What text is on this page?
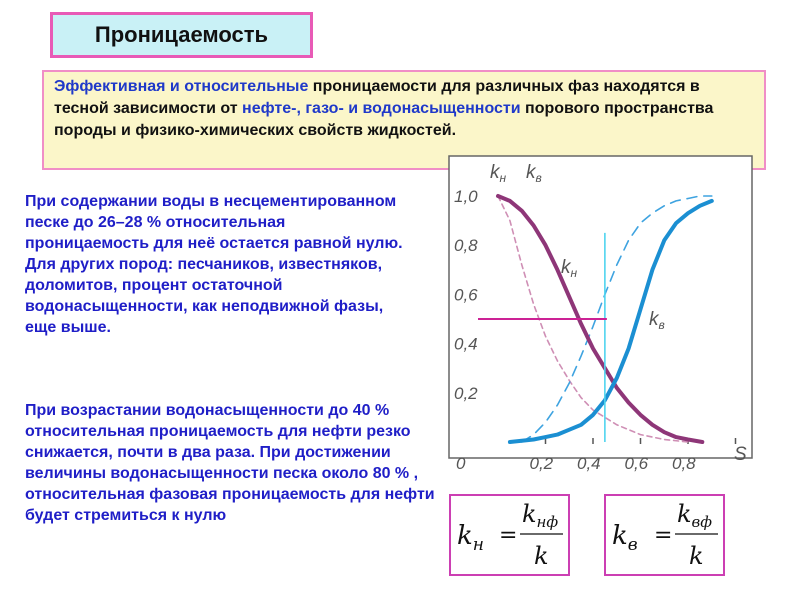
Проницаемость
Эффективная и относительные проницаемости для различных фаз находятся в тесной зависимости от нефте-, газо- и водонасыщенности порового пространства породы и физико-химических свойств жидкостей.
При содержании воды в несцементированном песке до 26–28 % относительная проницаемость для неё остается равной нулю. Для других пород: песчаников, известняков, доломитов, процент остаточной водонасыщенности, как неподвижной фазы, еще выше.
При возрастании водонасыщенности до 40 % относительная проницаемость для нефти резко снижается, почти в два раза. При достижении величины водонасыщенности песка около 80 % , относительная фазовая проницаемость для нефти будет стремиться к нулю
$k_н$ $k_в$
S
$k_н$
$k_в$
0,2
0,4
0,6
0,8
1,0
0	0,2 0,4 0,6 0,8
$k_н$ =
$k_{нф}$
k
$k_в$ =
$k_{вф}$
k
